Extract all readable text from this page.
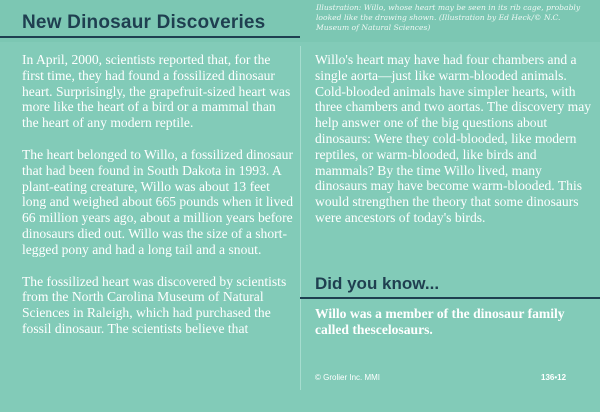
New Dinosaur Discoveries
Illustration: Willo, whose heart may be seen in its rib cage, probably looked like the drawing shown. (Illustration by Ed Heck/© N.C. Museum of Natural Sciences)

In April, 2000, scientists reported that, for the first time, they had found a fossilized dinosaur heart. Surprisingly, the grapefruit-sized heart was more like the heart of a bird or a mammal than the heart of any modern reptile.

The heart belonged to Willo, a fossilized dinosaur that had been found in South Dakota in 1993. A plant-eating creature, Willo was about 13 feet long and weighed about 665 pounds when it lived 66 million years ago, about a million years before dinosaurs died out. Willo was the size of a short-legged pony and had a long tail and a snout.

The fossilized heart was discovered by scientists from the North Carolina Museum of Natural Sciences in Raleigh, which had purchased the fossil dinosaur. The scientists believe that

Willo's heart may have had four chambers and a single aorta—just like warm-blooded animals. Cold-blooded animals have simpler hearts, with three chambers and two aortas. The discovery may help answer one of the big questions about dinosaurs: Were they cold-blooded, like modern reptiles, or warm-blooded, like birds and mammals? By the time Willo lived, many dinosaurs may have become warm-blooded. This would strengthen the theory that some dinosaurs were ancestors of today's birds.

Did you know...
Willo was a member of the dinosaur family called thescelosaurs.
© Grolier Inc. MMI	136•12
